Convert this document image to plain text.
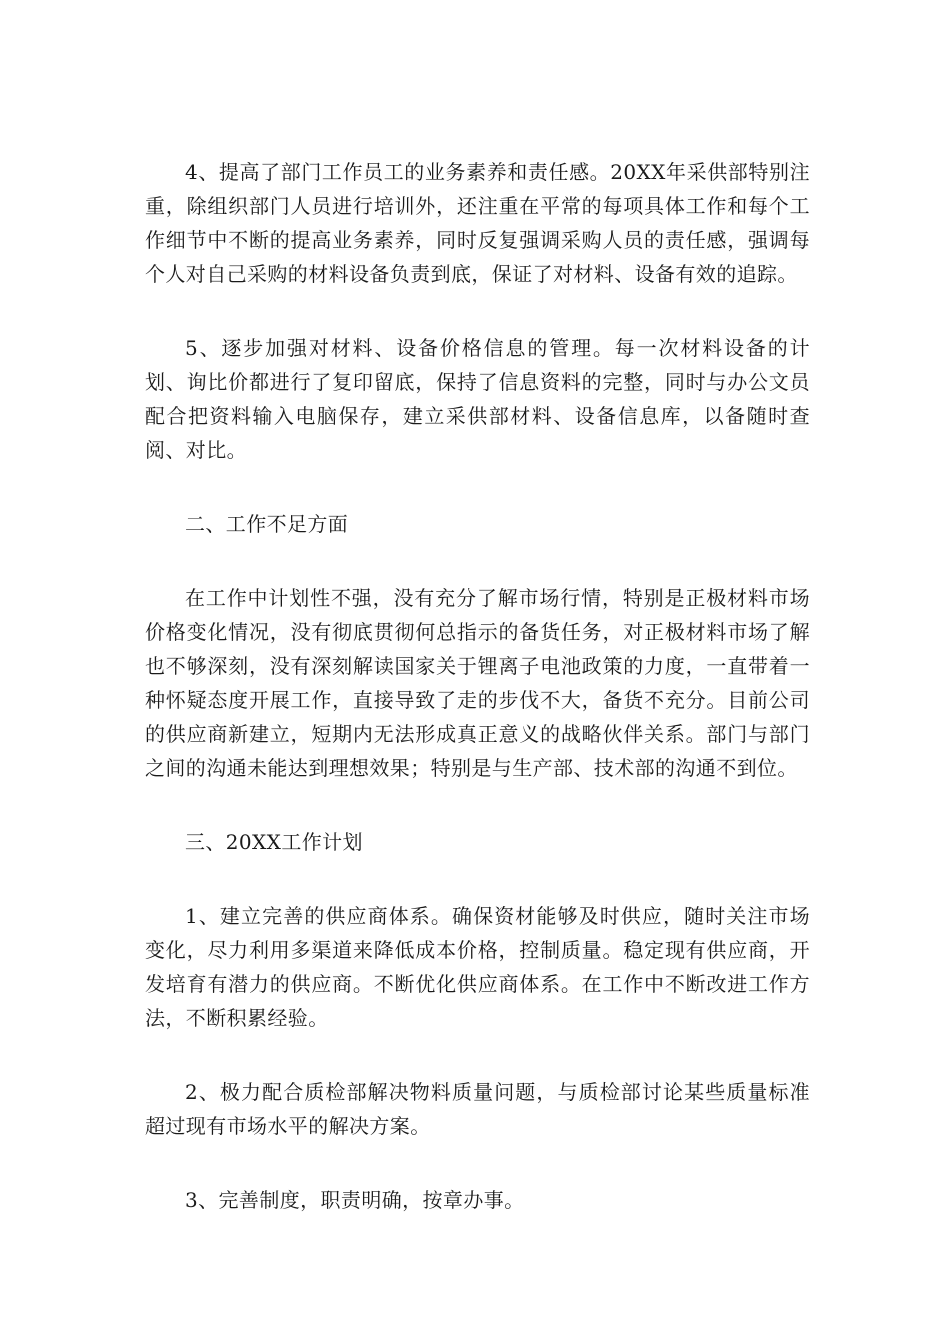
4、提高了部门工作员工的业务素养和责任感。20XX年采供部特别注重，除组织部门人员进行培训外，还注重在平常的每项具体工作和每个工作细节中不断的提高业务素养，同时反复强调采购人员的责任感，强调每个人对自己采购的材料设备负责到底，保证了对材料、设备有效的追踪。

5、逐步加强对材料、设备价格信息的管理。每一次材料设备的计划、询比价都进行了复印留底，保持了信息资料的完整，同时与办公文员配合把资料输入电脑保存，建立采供部材料、设备信息库，以备随时查阅、对比。

二、工作不足方面

在工作中计划性不强，没有充分了解市场行情，特别是正极材料市场价格变化情况，没有彻底贯彻何总指示的备货任务，对正极材料市场了解也不够深刻，没有深刻解读国家关于锂离子电池政策的力度，一直带着一种怀疑态度开展工作，直接导致了走的步伐不大，备货不充分。目前公司的供应商新建立，短期内无法形成真正意义的战略伙伴关系。部门与部门之间的沟通未能达到理想效果；特别是与生产部、技术部的沟通不到位。

三、20XX工作计划

1、建立完善的供应商体系。确保资材能够及时供应，随时关注市场变化，尽力利用多渠道来降低成本价格，控制质量。稳定现有供应商，开发培育有潜力的供应商。不断优化供应商体系。在工作中不断改进工作方法，不断积累经验。

2、极力配合质检部解决物料质量问题，与质检部讨论某些质量标准超过现有市场水平的解决方案。

3、完善制度，职责明确，按章办事。
